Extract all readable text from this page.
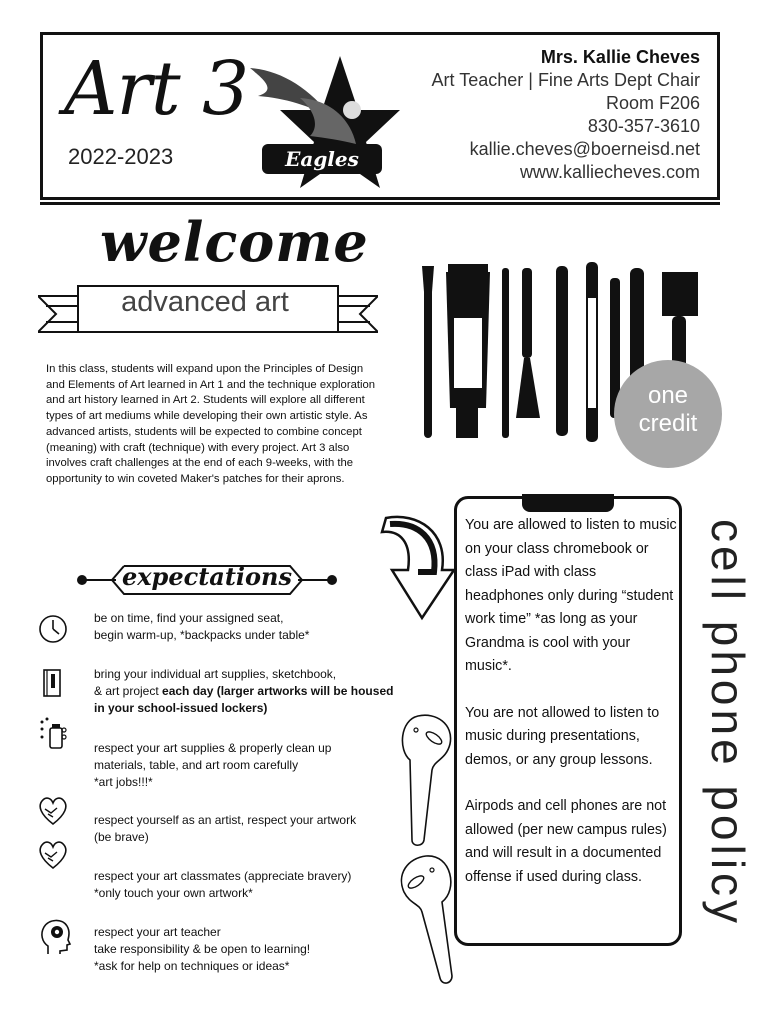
Art 3
2022-2023	Eagles
Mrs. Kallie Cheves
Art Teacher | Fine Arts Dept Chair
Room F206
830-357-3610
kallie.cheves@boerneisd.net
www.kalliecheves.com
welcome
advanced art
In this class, students will expand upon the Principles of Design and Elements of Art learned in Art 1 and the technique exploration and art history learned in Art 2. Students will explore all different types of art mediums while developing their own artistic style. As advanced artists, students will be expected to combine concept (meaning) with craft (technique) with every project. Art 3 also involves craft challenges at the end of each 9-weeks, with the opportunity to win coveted Maker's patches for their aprons.
one
credit
expectations
be on time, find your assigned seat,
begin warm-up, *backpacks under table*
bring your individual art supplies, sketchbook,
& art project each day (larger artworks will be housed
in your school-issued lockers)
respect your art supplies & properly clean up
materials, table, and art room carefully
*art jobs!!!*
respect yourself as an artist, respect your artwork
(be brave)
respect your art classmates (appreciate bravery)
*only touch your own artwork*
respect your art teacher
take responsibility & be open to learning!
*ask for help on techniques or ideas*

You are allowed to listen to music on your class chromebook or class iPad with class headphones only during “student work time” *as long as your Grandma is cool with your music*.

You are not allowed to listen to music during presentations, demos, or any group lessons.

Airpods and cell phones are not allowed (per new campus rules) and will result in a documented offense if used during class.	cell phone policy
